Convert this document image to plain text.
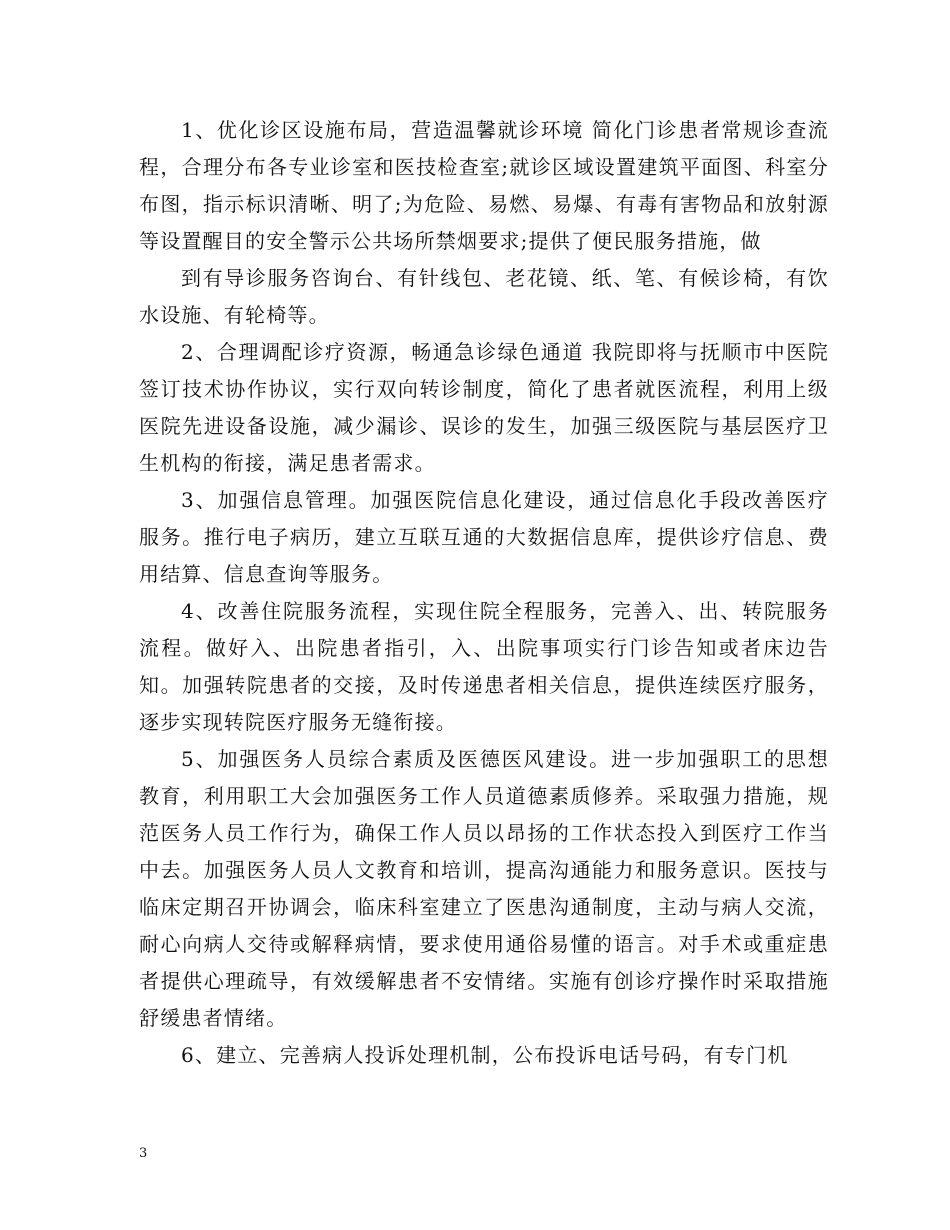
1、优化诊区设施布局，营造温馨就诊环境 简化门诊患者常规诊查流程，合理分布各专业诊室和医技检查室;就诊区域设置建筑平面图、科室分布图，指示标识清晰、明了;为危险、易燃、易爆、有毒有害物品和放射源等设置醒目的安全警示公共场所禁烟要求;提供了便民服务措施，做

到有导诊服务咨询台、有针线包、老花镜、纸、笔、有候诊椅，有饮水设施、有轮椅等。

2、合理调配诊疗资源，畅通急诊绿色通道 我院即将与抚顺市中医院签订技术协作协议，实行双向转诊制度，简化了患者就医流程，利用上级医院先进设备设施，减少漏诊、误诊的发生，加强三级医院与基层医疗卫生机构的衔接，满足患者需求。

3、加强信息管理。加强医院信息化建设，通过信息化手段改善医疗服务。推行电子病历，建立互联互通的大数据信息库，提供诊疗信息、费用结算、信息查询等服务。

4、改善住院服务流程，实现住院全程服务，完善入、出、转院服务流程。做好入、出院患者指引，入、出院事项实行门诊告知或者床边告知。加强转院患者的交接，及时传递患者相关信息，提供连续医疗服务，逐步实现转院医疗服务无缝衔接。

5、加强医务人员综合素质及医德医风建设。进一步加强职工的思想教育，利用职工大会加强医务工作人员道德素质修养。采取强力措施，规范医务人员工作行为，确保工作人员以昂扬的工作状态投入到医疗工作当中去。加强医务人员人文教育和培训，提高沟通能力和服务意识。医技与临床定期召开协调会，临床科室建立了医患沟通制度，主动与病人交流，耐心向病人交待或解释病情，要求使用通俗易懂的语言。对手术或重症患者提供心理疏导，有效缓解患者不安情绪。实施有创诊疗操作时采取措施舒缓患者情绪。

6、建立、完善病人投诉处理机制，公布投诉电话号码，有专门机

3
